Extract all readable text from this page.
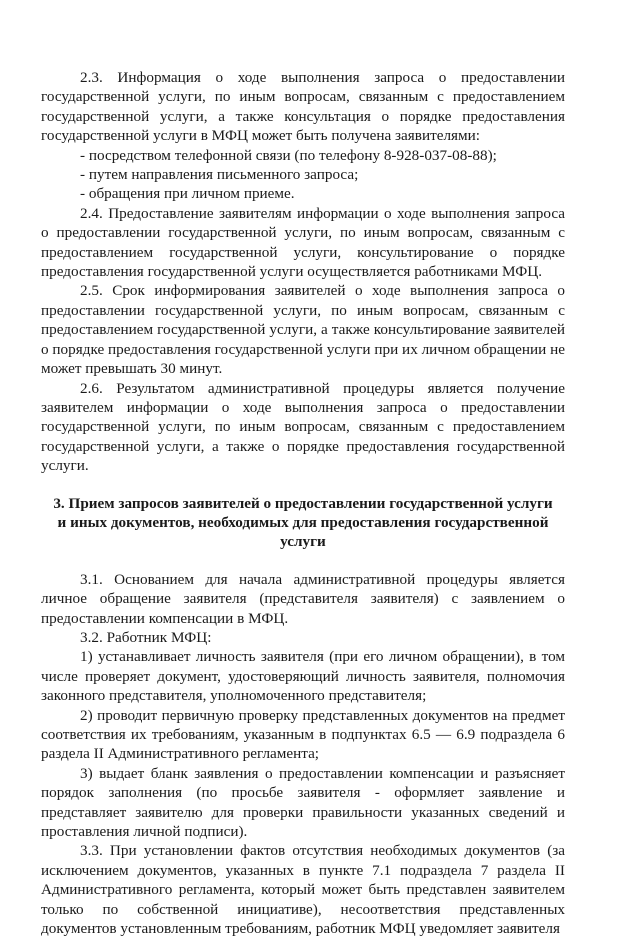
2.3. Информация о ходе выполнения запроса о предоставлении государственной услуги, по иным вопросам, связанным с предоставлением государственной услуги, а также консультация о порядке предоставления государственной услуги в МФЦ может быть получена заявителями:

- посредством телефонной связи (по телефону 8-928-037-08-88);

- путем направления письменного запроса;

- обращения при личном приеме.

2.4. Предоставление заявителям информации о ходе выполнения запроса о предоставлении государственной услуги, по иным вопросам, связанным с предоставлением государственной услуги, консультирование о порядке предоставления государственной услуги осуществляется работниками МФЦ.

2.5. Срок информирования заявителей о ходе выполнения запроса о предоставлении государственной услуги, по иным вопросам, связанным с предоставлением государственной услуги, а также консультирование заявителей о порядке предоставления государственной услуги при их личном обращении не может превышать 30 минут.

2.6. Результатом административной процедуры является получение заявителем информации о ходе выполнения запроса о предоставлении государственной услуги, по иным вопросам, связанным с предоставлением государственной услуги, а также о порядке предоставления государственной услуги.

3. Прием запросов заявителей о предоставлении государственной услуги и иных документов, необходимых для предоставления государственной услуги

3.1. Основанием для начала административной процедуры является личное обращение заявителя (представителя заявителя) с заявлением о предоставлении компенсации в МФЦ.

3.2. Работник МФЦ:

1) устанавливает личность заявителя (при его личном обращении), в том числе проверяет документ, удостоверяющий личность заявителя, полномочия законного представителя, уполномоченного представителя;

2) проводит первичную проверку представленных документов на предмет соответствия их требованиям, указанным в подпунктах 6.5 — 6.9 подраздела 6 раздела II Административного регламента;

3) выдает бланк заявления о предоставлении компенсации и разъясняет порядок заполнения (по просьбе заявителя - оформляет заявление и представляет заявителю для проверки правильности указанных сведений и проставления личной подписи).

3.3. При установлении фактов отсутствия необходимых документов (за исключением документов, указанных в пункте 7.1 подраздела 7 раздела II Административного регламента, который может быть представлен заявителем только по собственной инициативе), несоответствия представленных документов установленным требованиям, работник МФЦ уведомляет заявителя
